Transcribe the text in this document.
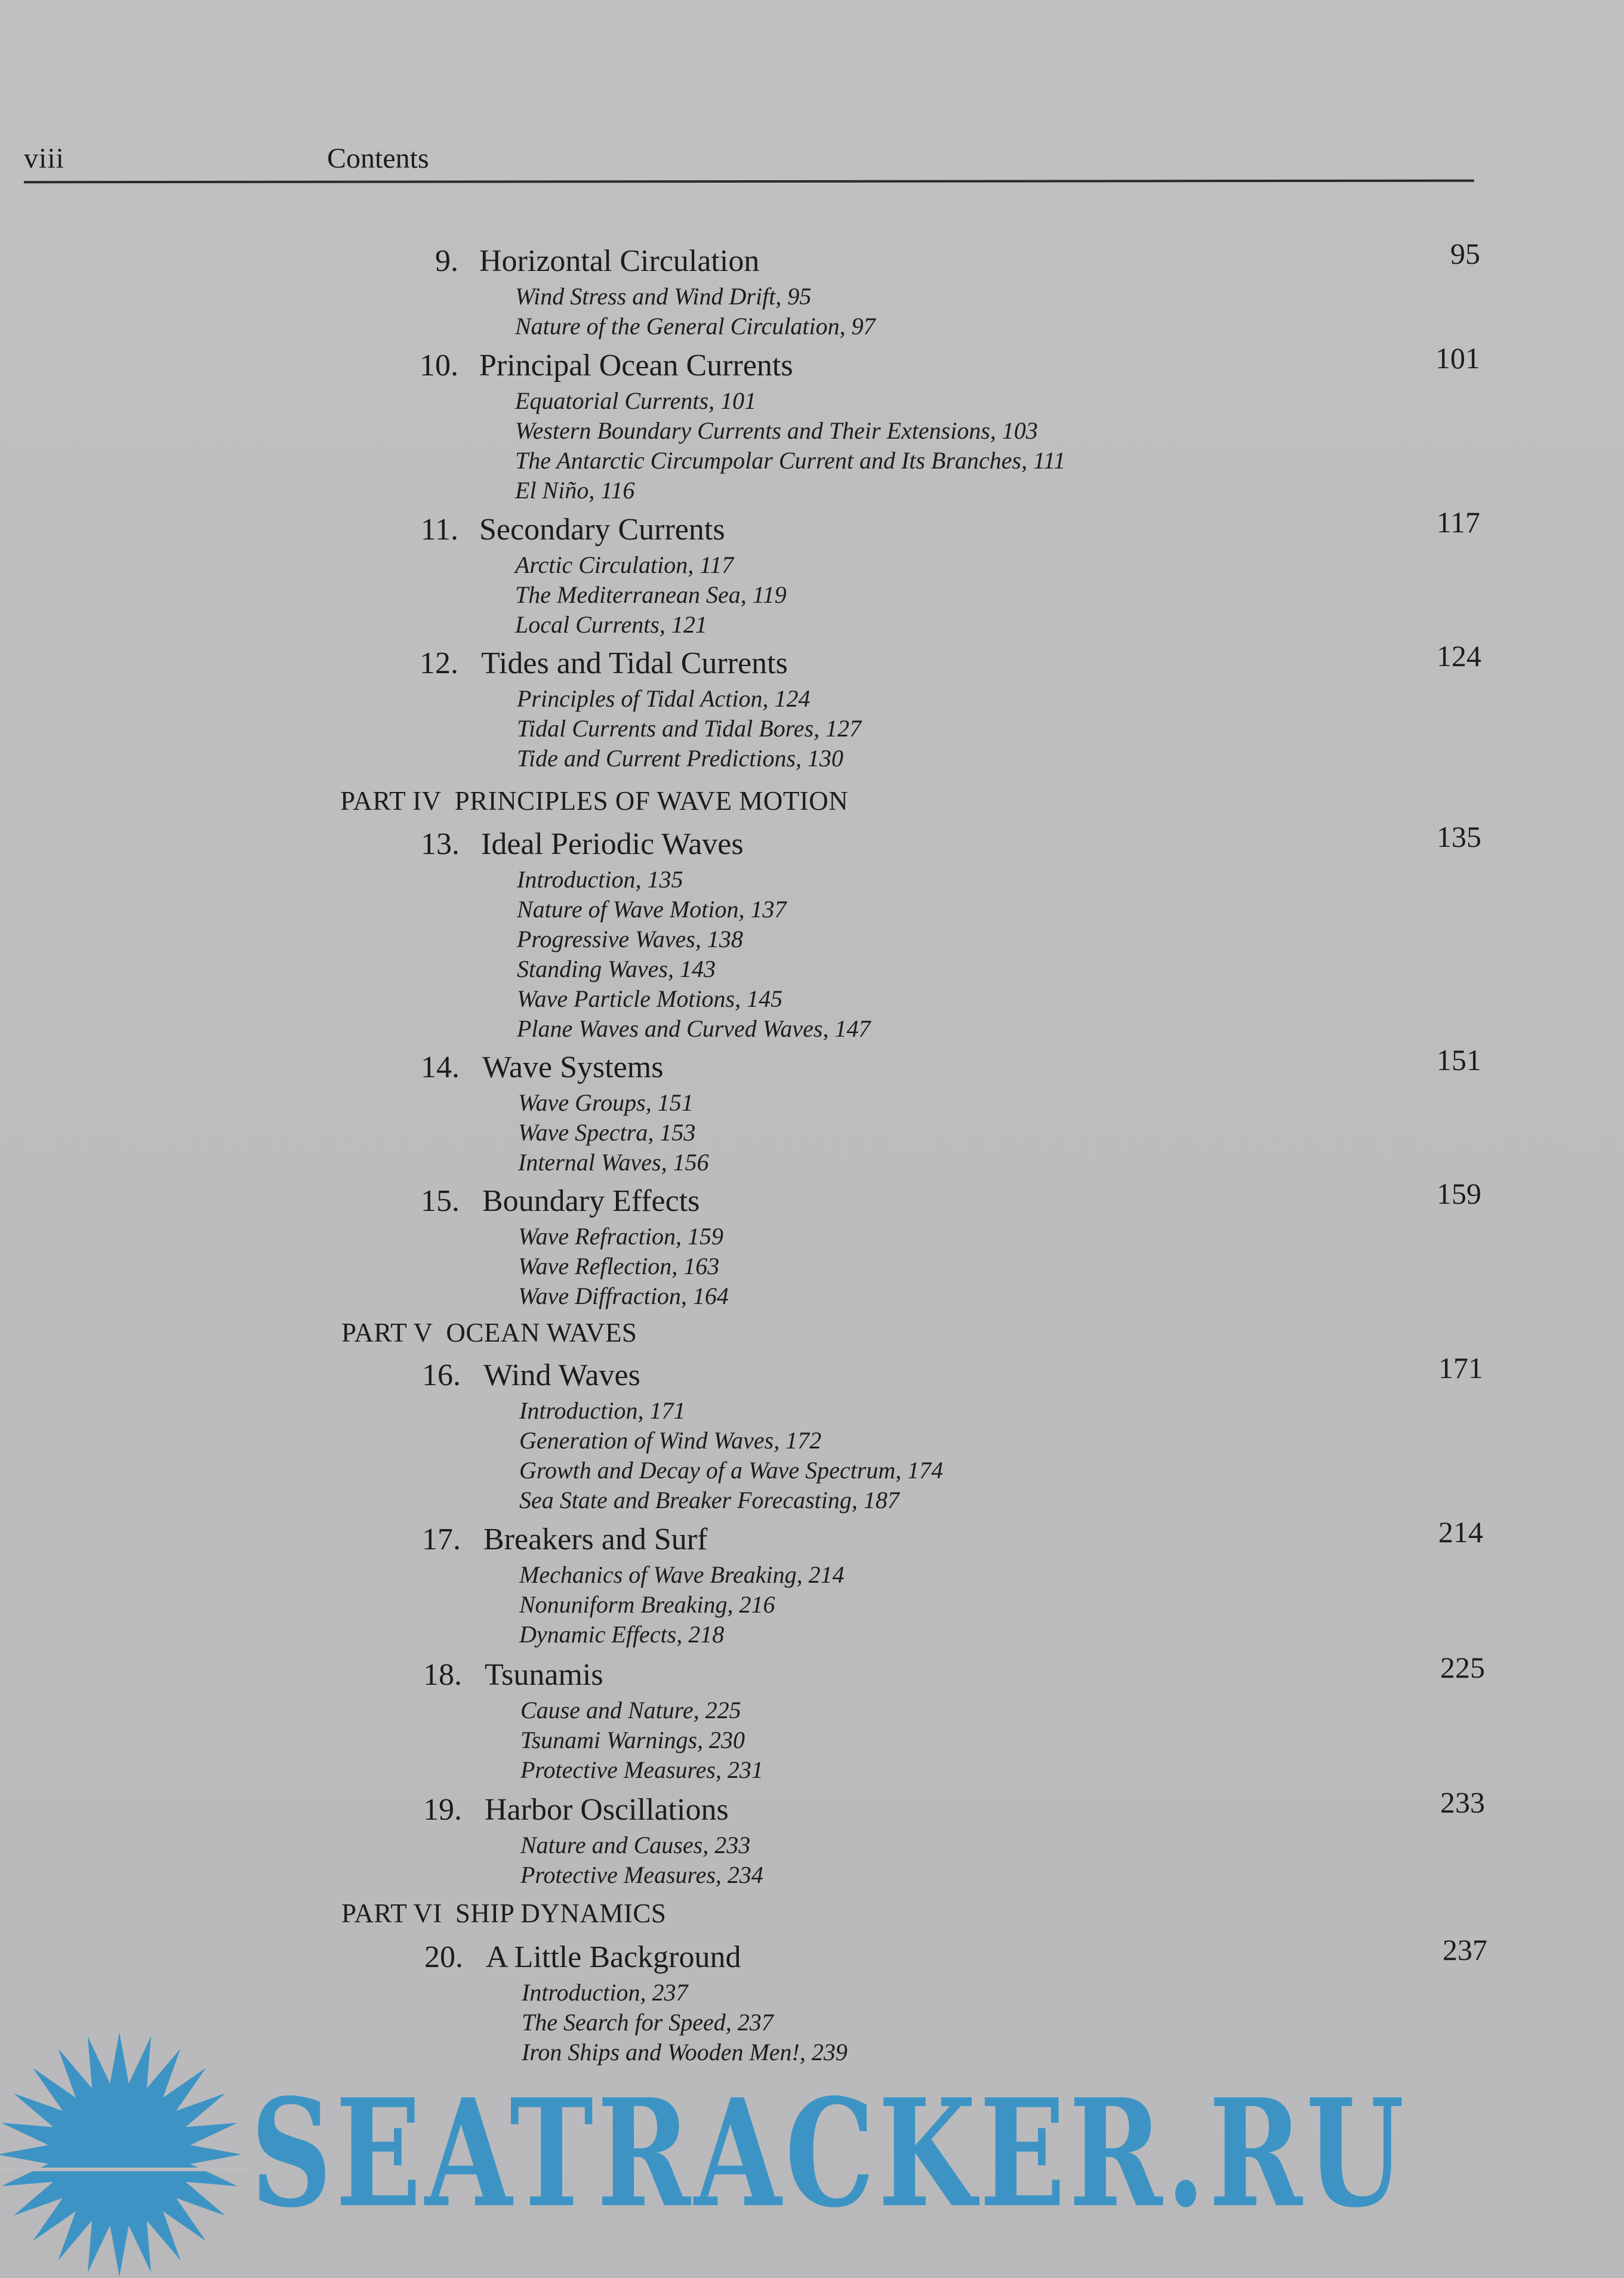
viii	Contents
9. Horizontal Circulation	95
Wind Stress and Wind Drift, 95
Nature of the General Circulation, 97
10. Principal Ocean Currents	101
Equatorial Currents, 101
Western Boundary Currents and Their Extensions, 103
The Antarctic Circumpolar Current and Its Branches, 111
El Niño, 116
11. Secondary Currents	117
Arctic Circulation, 117
The Mediterranean Sea, 119
Local Currents, 121
12. Tides and Tidal Currents	124
Principles of Tidal Action, 124
Tidal Currents and Tidal Bores, 127
Tide and Current Predictions, 130
PART IV PRINCIPLES OF WAVE MOTION
13. Ideal Periodic Waves	135
Introduction, 135
Nature of Wave Motion, 137
Progressive Waves, 138
Standing Waves, 143
Wave Particle Motions, 145
Plane Waves and Curved Waves, 147
14. Wave Systems	151
Wave Groups, 151
Wave Spectra, 153
Internal Waves, 156
15. Boundary Effects	159
Wave Refraction, 159
Wave Reflection, 163
Wave Diffraction, 164
PART V OCEAN WAVES
16. Wind Waves	171
Introduction, 171
Generation of Wind Waves, 172
Growth and Decay of a Wave Spectrum, 174
Sea State and Breaker Forecasting, 187
17. Breakers and Surf	214
Mechanics of Wave Breaking, 214
Nonuniform Breaking, 216
Dynamic Effects, 218
18. Tsunamis	225
Cause and Nature, 225
Tsunami Warnings, 230
Protective Measures, 231
19. Harbor Oscillations	233
Nature and Causes, 233
Protective Measures, 234
PART VI SHIP DYNAMICS
20. A Little Background	237
Introduction, 237
The Search for Speed, 237
Iron Ships and Wooden Men!, 239
SEATRACKER.RU
